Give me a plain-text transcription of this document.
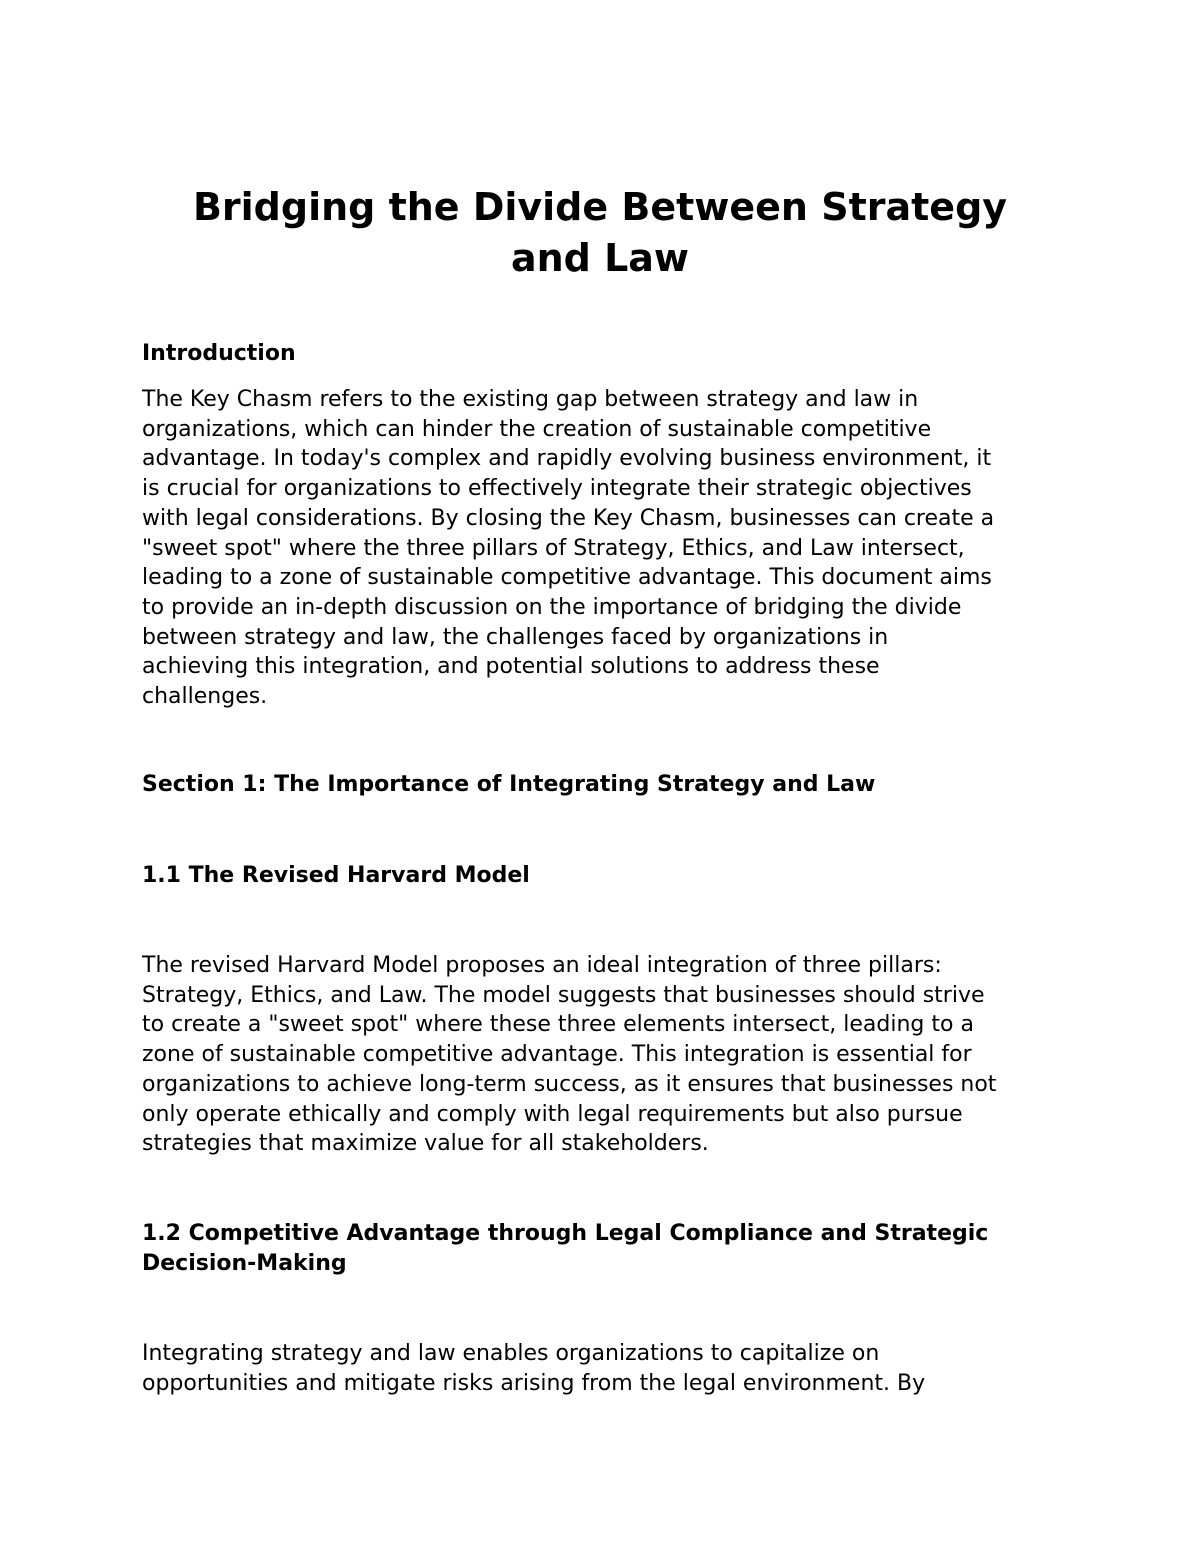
Bridging the Divide Between Strategy
and Law
Introduction

The Key Chasm refers to the existing gap between strategy and law in
organizations, which can hinder the creation of sustainable competitive
advantage. In today's complex and rapidly evolving business environment, it
is crucial for organizations to effectively integrate their strategic objectives
with legal considerations. By closing the Key Chasm, businesses can create a
"sweet spot" where the three pillars of Strategy, Ethics, and Law intersect,
leading to a zone of sustainable competitive advantage. This document aims
to provide an in-depth discussion on the importance of bridging the divide
between strategy and law, the challenges faced by organizations in
achieving this integration, and potential solutions to address these
challenges.

Section 1: The Importance of Integrating Strategy and Law
1.1 The Revised Harvard Model

The revised Harvard Model proposes an ideal integration of three pillars:
Strategy, Ethics, and Law. The model suggests that businesses should strive
to create a "sweet spot" where these three elements intersect, leading to a
zone of sustainable competitive advantage. This integration is essential for
organizations to achieve long-term success, as it ensures that businesses not
only operate ethically and comply with legal requirements but also pursue
strategies that maximize value for all stakeholders.

1.2 Competitive Advantage through Legal Compliance and Strategic
Decision-Making

Integrating strategy and law enables organizations to capitalize on
opportunities and mitigate risks arising from the legal environment. By
